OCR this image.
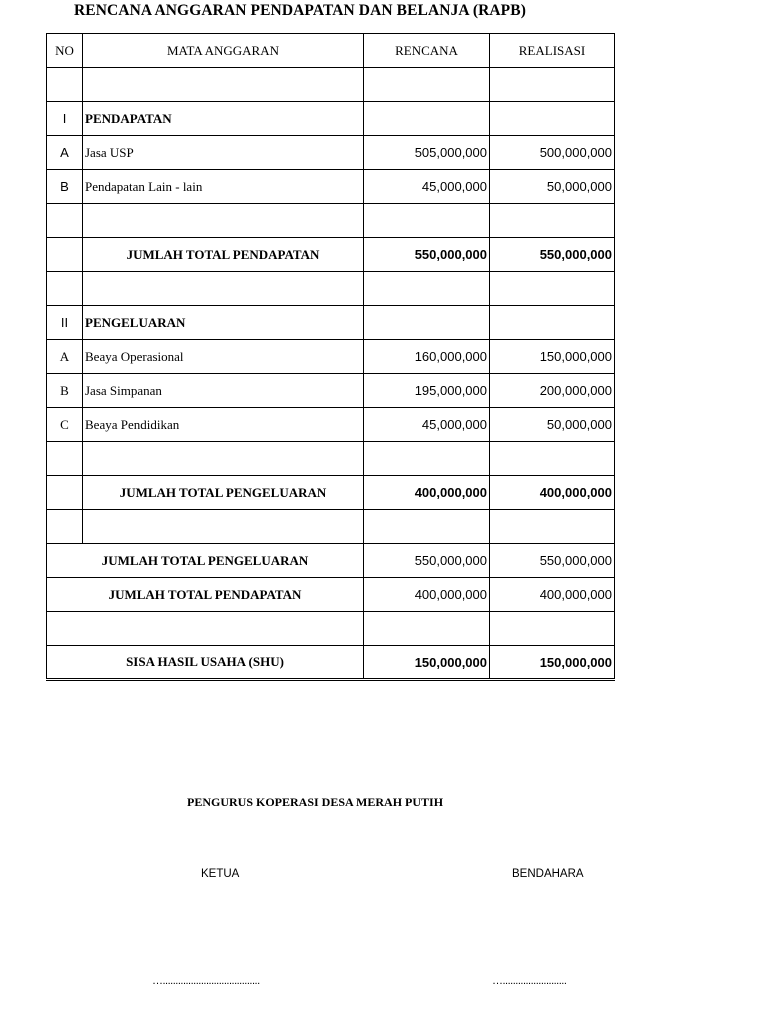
RENCANA ANGGARAN PENDAPATAN DAN BELANJA (RAPB)
NO	MATA ANGGARAN	RENCANA	REALISASI

I	PENDAPATAN		
A	Jasa USP	505,000,000	500,000,000
B	Pendapatan Lain - lain	45,000,000	50,000,000

	JUMLAH TOTAL PENDAPATAN	550,000,000	550,000,000

II	PENGELUARAN		
A	Beaya Operasional	160,000,000	150,000,000
B	Jasa Simpanan	195,000,000	200,000,000
C	Beaya Pendidikan	45,000,000	50,000,000

	JUMLAH TOTAL PENGELUARAN	400,000,000	400,000,000

JUMLAH TOTAL PENGELUARAN		550,000,000	550,000,000
JUMLAH TOTAL PENDAPATAN		400,000,000	400,000,000

SISA HASIL USAHA (SHU)		150,000,000	150,000,000
PENGURUS KOPERASI DESA MERAH PUTIH
KETUA	BENDAHARA
…......................................	….........................
